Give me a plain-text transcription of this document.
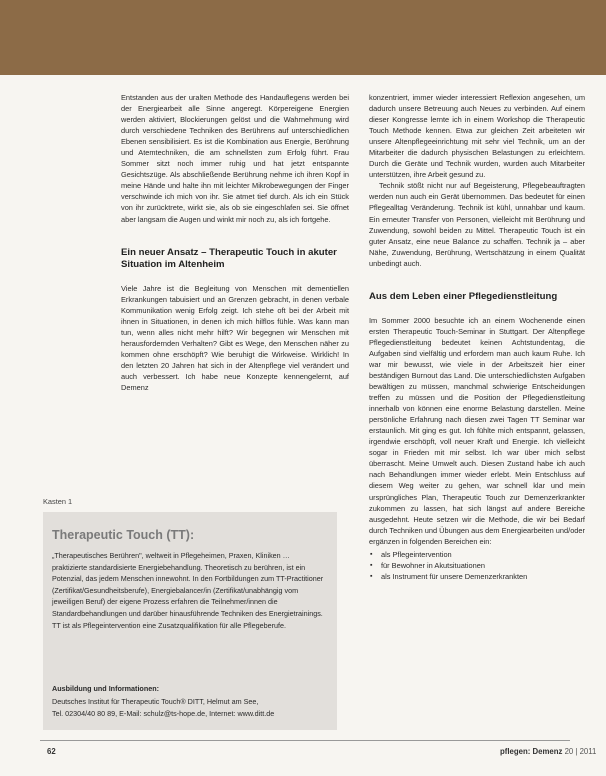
Entstanden aus der uralten Methode des Handauflegens werden bei der Energiearbeit alle Sinne angeregt. Körpereigene Energien werden aktiviert, Blockierungen gelöst und die Wahrnehmung wird durch verschiedene Techniken des Berührens auf unterschiedlichen Ebenen sensibilisiert. Es ist die Kombination aus Energie, Berührung und Atemtechniken, die am schnellsten zum Erfolg führt. Frau Sommer sitzt noch immer ruhig und hat jetzt entspannte Gesichtszüge. Als abschließende Berührung nehme ich ihren Kopf in meine Hände und halte ihn mit leichter Mikrobewegungen der Finger verschwinde ich mich von ihr. Sie atmet tief durch. Als ich ein Stück von ihr zurücktrete, wirkt sie, als ob sie eingeschlafen sei. Sie öffnet aber langsam die Augen und winkt mir noch zu, als ich fortgehe.

Ein neuer Ansatz – Therapeutic Touch in akuter Situation im Altenheim

Viele Jahre ist die Begleitung von Menschen mit dementiellen Erkrankungen tabuisiert und an Grenzen gebracht, in denen verbale Kommunikation wenig Erfolg zeigt. Ich stehe oft bei der Arbeit mit ihnen in Situationen, in denen ich mich hilflos fühle. Was kann man tun, wenn alles nicht mehr hilft? Wir begegnen wir Menschen mit herausfordernden Verhalten? Gibt es Wege, den Menschen näher zu kommen ohne erschöpft? Wie beruhigt die Wirkweise. Wirklich! In den letzten 20 Jahren hat sich in der Altenpflege viel verändert und auch verbessert. Ich habe neue Konzepte kennengelernt, auf Demenz

konzentriert, immer wieder interessiert Reflexion angesehen, um dadurch unsere Betreuung auch Neues zu verbinden. Auf einem dieser Kongresse lernte ich in einem Workshop die Therapeutic Touch Methode kennen. Etwa zur gleichen Zeit arbeiteten wir unsere Altenpflegeeinrichtung mit sehr viel Technik, um an der Mitarbeiter die dadurch physischen Belastungen zu erleichtern. Durch die Geräte und Technik wurden, wurden auch Mitarbeiter unterstützen, ihre Arbeit gesund zu.

Technik stößt nicht nur auf Begeisterung, Pflegebeauftragten werden nun auch ein Gerät übernommen. Das bedeutet für einen Pflegealltag Veränderung. Technik ist kühl, unnahbar und kaum. Ein erneuter Transfer von Personen, vielleicht mit Berührung und Zuwendung, sowohl beiden zu Mittel. Therapeutic Touch ist ein guter Ansatz, eine neue Balance zu schaffen. Technik ja – aber Nähe, Zuwendung, Berührung, Wertschätzung in einem Qualität unbedingt auch.

Aus dem Leben einer Pflegedienstleitung

Im Sommer 2000 besuchte ich an einem Wochenende einen ersten Therapeutic Touch-Seminar in Stuttgart. Der Altenpflege Pflegedienstleitung bedeutet keinen Achtstundentag, die Aufgaben sind vielfältig und erfordern man auch kaum Ruhe. Ich war mir bewusst, wie viele in der Arbeitszeit hier einer beständigen Burnout das Land. Die unterschiedlichsten Aufgaben bewältigen zu müssen, manchmal schwierige Entscheidungen treffen zu müssen und die Position der Pflegedienstleitung innerhalb von können eine enorme Belastung darstellen. Meine persönliche Erfahrung nach diesen zwei Tagen TT Seminar war erstaunlich. Mit ging es gut. Ich fühlte mich entspannt, gelassen, irgendwie erschöpft, voll neuer Kraft und Energie. Ich vielleicht sogar in Frieden mit mir selbst. Ich war über mich selbst überrascht. Meine Umwelt auch. Diesen Zustand habe ich auch nach Behandlungen immer wieder erlebt. Mein Entschluss auf diesem Weg weiter zu gehen, war schnell klar und mein ursprüngliches Plan, Therapeutic Touch zur Demenzerkrankter zukommen zu lassen, hat sich längst auf andere Bereiche ausgedehnt. Heute setzen wir die Methode, die wir bei Bedarf durch Techniken und Übungen aus dem Energiearbeiten und/oder ergänzen in folgenden Bereichen ein:

▪ als Pflegeintervention
▪ für Bewohner in Akutsituationen
▪ als Instrument für unsere Demenzerkrankten
Kasten 1
Therapeutic Touch (TT):

„Therapeutisches Berühren", weltweit in Pflegeheimen, Praxen, Kliniken … praktizierte standardisierte Energiebehandlung. Theoretisch zu berühren, ist ein Potenzial, das jedem Menschen innewohnt. In den Fortbildungen zum TT-Practitioner (Zertifikat/Gesundheitsberufe), Energiebalancer/in (Zertifikat/unabhängig vom jeweiligen Beruf) der eigene Prozess erfahren die Teilnehmer/innen die Standardbehandlungen und darüber hinausführende Techniken des Energietrainings. TT ist als Pflegeintervention eine Zusatzqualifikation für alle Pflegeberufe.

Ausbildung und Informationen:
Deutsches Institut für Therapeutic Touch® DITT, Helmut am See,
Tel. 02304/40 80 89, E-Mail: schulz@ts-hope.de, Internet: www.ditt.de
62	pflegen: Demenz 20 | 2011
